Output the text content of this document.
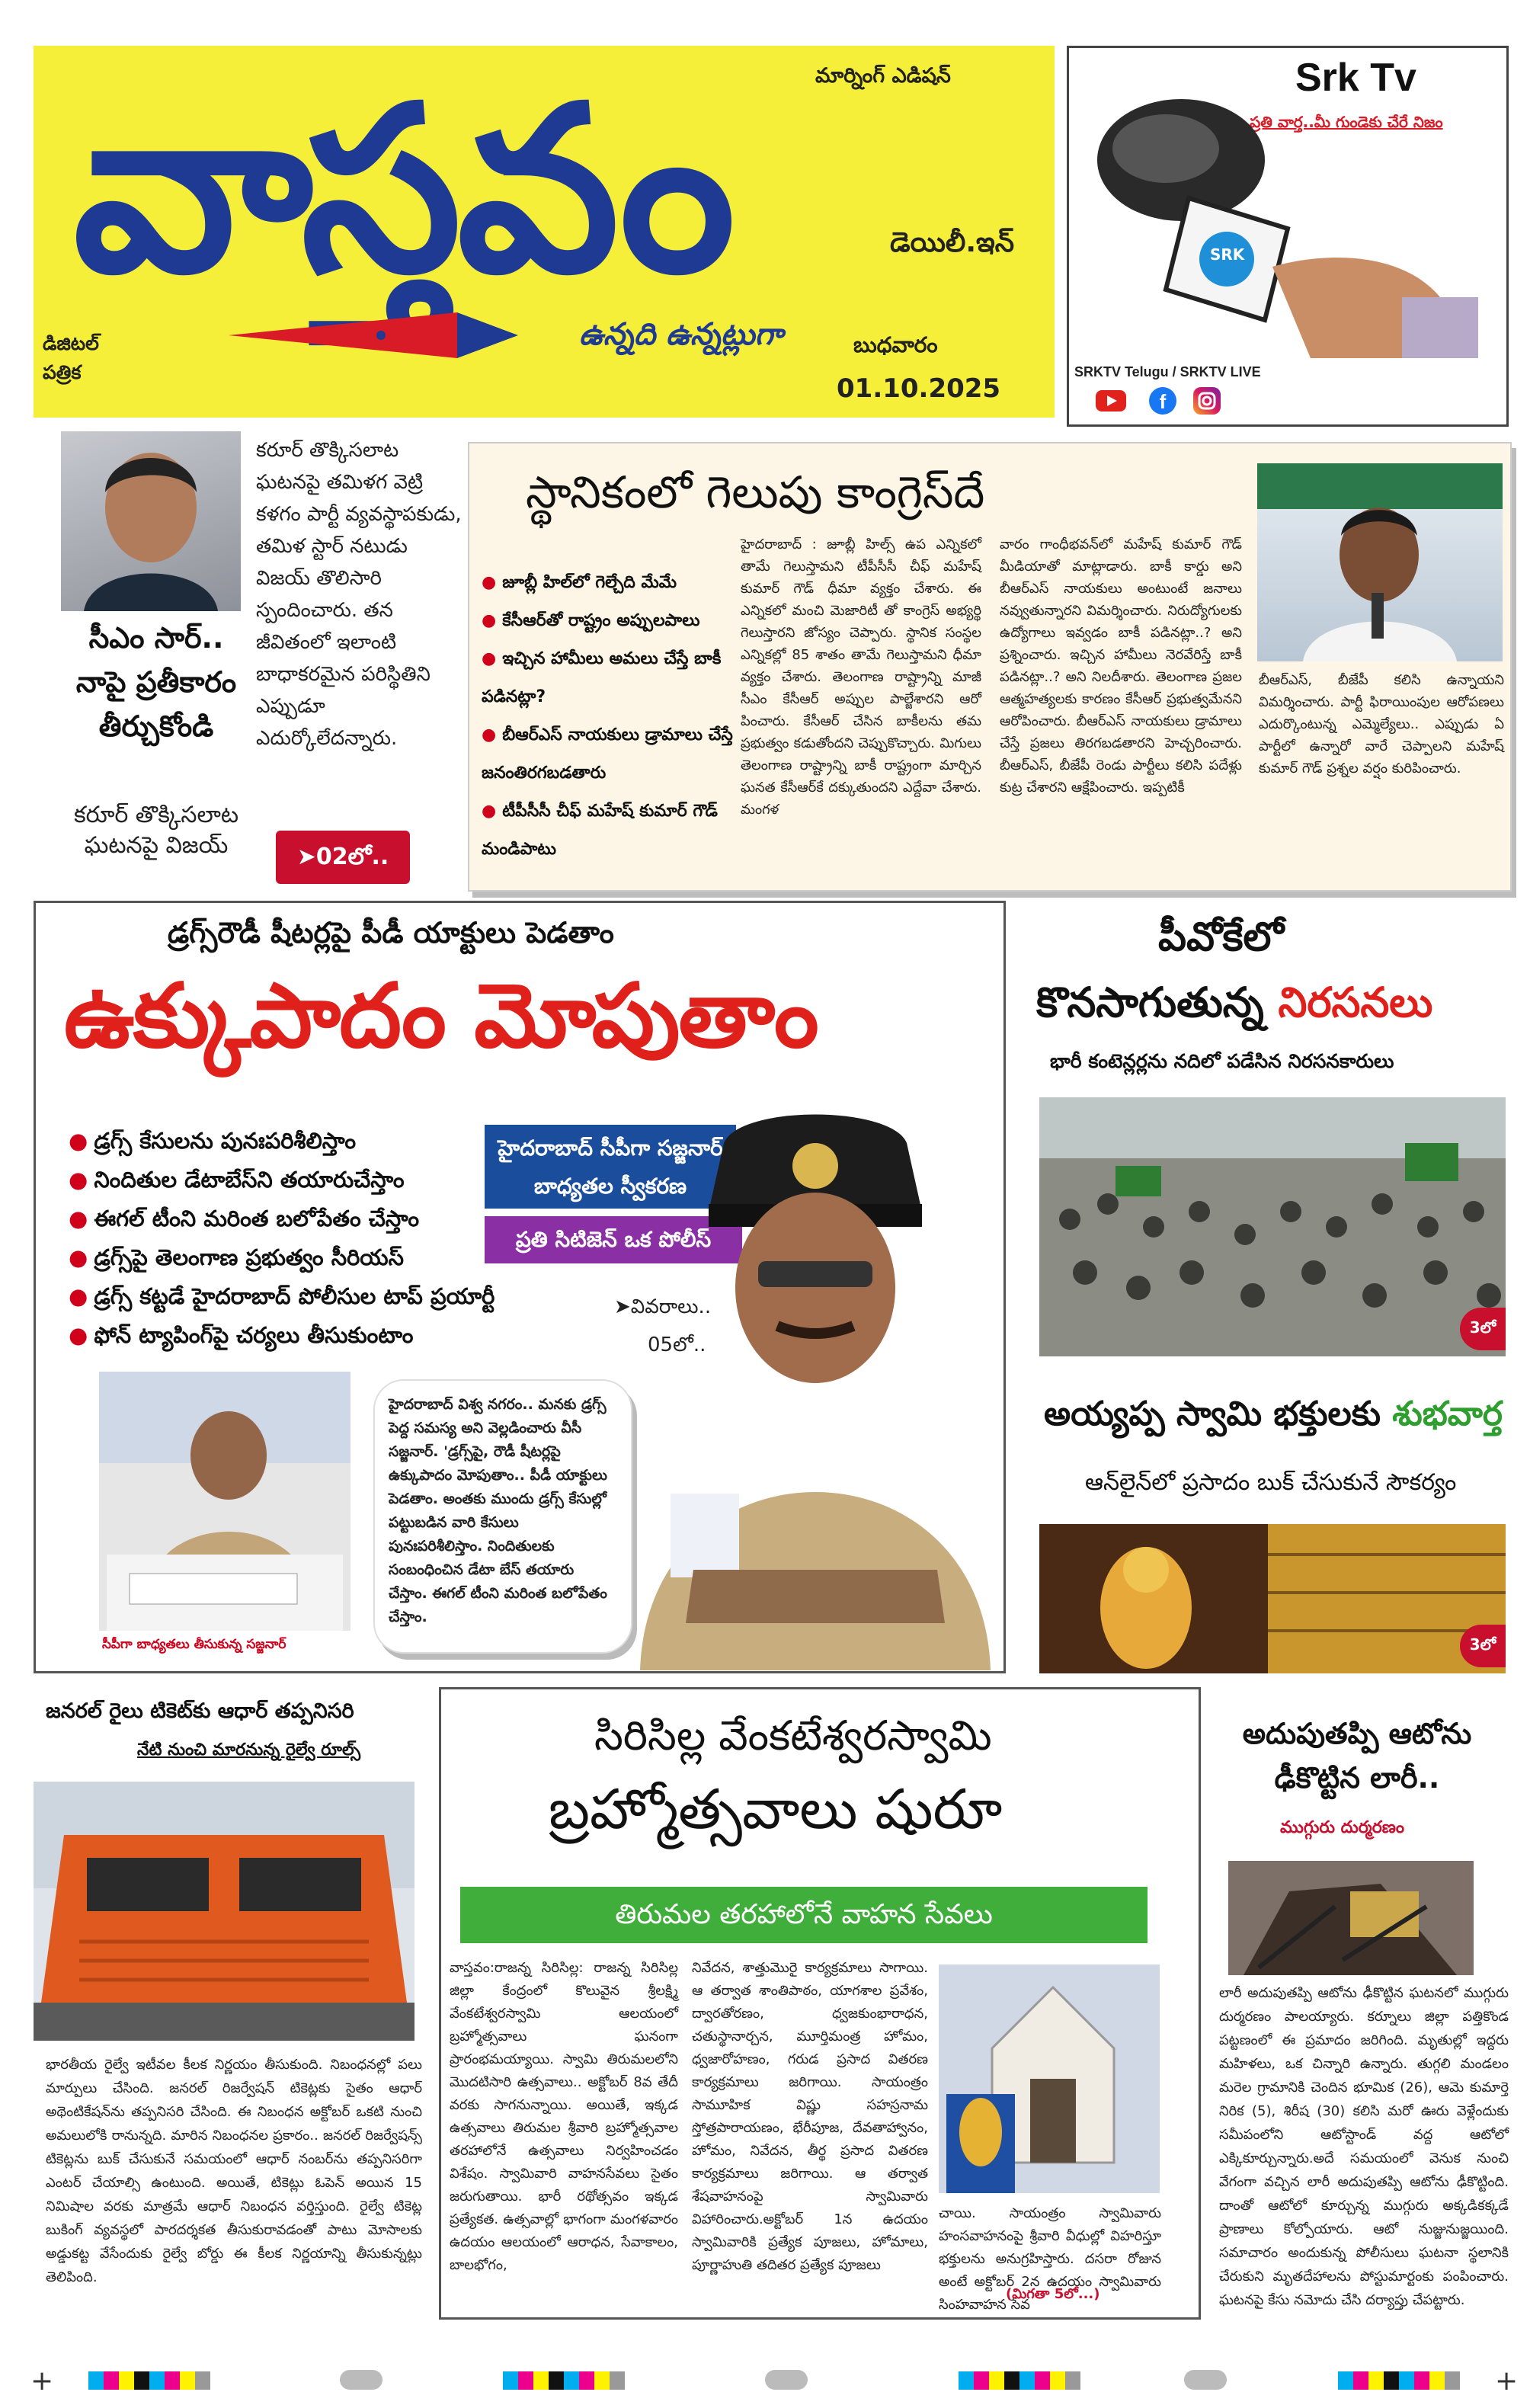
వాస్తవం	మార్నింగ్ ఎడిషన్
డెయిలీ.ఇన్
ఉన్నది ఉన్నట్లుగా
డిజిటల్ పత్రిక
బుధవారం
01.10.2025
Srk Tv
ప్రతి వార్త..మీ గుండెకు చేరే నిజం
SRK
SRKTV Telugu / SRKTV LIVE
f
కరూర్ తొక్కిసలాట ఘటనపై తమిళగ వెట్రి కళగం పార్టీ వ్యవస్థాపకుడు, తమిళ స్టార్ నటుడు విజయ్ తొలిసారి స్పందించారు. తన జీవితంలో ఇలాంటి బాధాకరమైన పరిస్థితిని ఎప్పుడూ ఎదుర్కోలేదన్నారు.
సీఎం సార్.. నాపై ప్రతీకారం తీర్చుకోండి
కరూర్ తొక్కిసలాట ఘటనపై విజయ్	➤02లో..
స్థానికంలో గెలుపు కాంగ్రెస్‌దే
● జూబ్లీ హిల్‌లో గెల్చేది మేమే
● కేసీఆర్‌తో రాష్ట్రం అప్పులపాలు
● ఇచ్చిన హామీలు అమలు చేస్తే బాకీ పడినట్లా?
● బీఆర్ఎస్ నాయకులు డ్రామాలు చేస్తే జనంతిరగబడతారు
● టీపీసీసీ చీఫ్ మహేష్ కుమార్ గౌడ్ మండిపాటు
హైదరాబాద్ : జూబ్లీ హిల్స్ ఉప ఎన్నికలో తామే గెలుస్తామని టీపీసీసీ చీఫ్ మహేష్ కుమార్ గౌడ్ ధీమా వ్యక్తం చేశారు. ఈ ఎన్నికలో మంచి మెజారిటీ తో కాంగ్రెస్ అభ్యర్థి గెలుస్తారని జోస్యం చెప్పారు. స్థానిక సంస్థల ఎన్నికల్లో 85 శాతం తామే గెలుస్తామని ధీమా వ్యక్తం చేశారు. తెలంగాణ రాష్ట్రాన్ని మాజీ సీఎం కేసీఆర్ అప్పుల పాల్జేశారని ఆరో పించారు. కేసీఆర్ చేసిన బాకీలను తమ ప్రభుత్వం కడుతోందని చెప్పుకొచ్చారు. మిగులు తెలంగాణ రాష్ట్రాన్ని బాకీ రాష్ట్రంగా మార్చిన ఘనత కేసీఆర్‌కే దక్కుతుందని ఎద్దేవా చేశారు. మంగళ
వారం గాంధీభవన్‌లో మహేష్ కుమార్ గౌడ్ మీడియాతో మాట్లాడారు. బాకీ కార్డు అని బీఆర్ఎస్ నాయకులు అంటుంటే జనాలు నవ్వుతున్నారని విమర్శించారు. నిరుద్యోగులకు ఉద్యోగాలు ఇవ్వడం బాకీ పడినట్లా..? అని ప్రశ్నించారు. ఇచ్చిన హామీలు నెరవేరిస్తే బాకీ పడినట్లా..? అని నిలదీశారు. తెలంగాణ ప్రజల ఆత్మహత్యలకు కారణం కేసీఆర్ ప్రభుత్వమేనని ఆరోపించారు. బీఆర్ఎస్ నాయకులు డ్రామాలు చేస్తే ప్రజలు తిరగబడతారని హెచ్చరించారు. బీఆర్ఎస్, బీజేపీ రెండు పార్టీలు కలిసి పదేళ్లు కుట్ర చేశారని ఆక్షేపించారు. ఇప్పటికీ
బీఆర్ఎస్, బీజేపీ కలిసి ఉన్నాయని విమర్శించారు. పార్టీ ఫిరాయింపుల ఆరోపణలు ఎదుర్కొంటున్న ఎమ్మెల్యేలు.. ఎప్పుడు ఏ పార్టీలో ఉన్నారో వారే చెప్పాలని మహేష్ కుమార్ గౌడ్ ప్రశ్నల వర్షం కురిపించారు.
డ్రగ్స్‌రౌడీ షీటర్లపై పీడీ యాక్టులు పెడతాం
ఉక్కుపాదం మోపుతాం
● డ్రగ్స్ కేసులను పునఃపరిశీలిస్తాం
● నిందితుల డేటాబేస్‌ని తయారుచేస్తాం
● ఈగల్ టీంని మరింత బలోపేతం చేస్తాం
● డ్రగ్స్‌పై తెలంగాణ ప్రభుత్వం సీరియస్
● డ్రగ్స్ కట్టడే హైదరాబాద్ పోలీసుల టాప్ ప్రయార్టీ
● ఫోన్ ట్యాపింగ్‌పై చర్యలు తీసుకుంటాం
హైదరాబాద్ సీపీగా సజ్జనార్ బాధ్యతల స్వీకరణ
ప్రతి సిటిజెన్ ఒక పోలీస్
➤వివరాలు..
05లో..
సీపీగా బాధ్యతలు తీసుకున్న సజ్జనార్
హైదరాబాద్ విశ్వ నగరం.. మనకు డ్రగ్స్ పెద్ద సమస్య అని వెల్లడించారు వీసీ సజ్జనార్. 'డ్రగ్స్‌పై, రౌడీ షీటర్లపై ఉక్కుపాదం మోపుతాం.. పీడీ యాక్టులు పెడతాం. అంతకు ముందు డ్రగ్స్ కేసుల్లో పట్టుబడిన వారి కేసులు పునఃపరిశీలిస్తాం. నిందితులకు సంబంధించిన డేటా బేస్ తయారు చేస్తాం. ఈగల్ టీంని మరింత బలోపేతం చేస్తాం.
పీవోకేలో
కొనసాగుతున్న నిరసనలు
భారీ కంటెన్లర్లను నదిలో పడేసిన నిరసనకారులు
3లో
అయ్యప్ప స్వామి భక్తులకు శుభవార్త
ఆన్‌లైన్‌లో ప్రసాదం బుక్ చేసుకునే సౌకర్యం
3లో
జనరల్ రైలు టికెట్‌కు ఆధార్ తప్పనిసరి
నేటి నుంచి మారనున్న రైల్వే రూల్స్
భారతీయ రైల్వే ఇటీవల కీలక నిర్ణయం తీసుకుంది. నిబంధనల్లో పలు మార్పులు చేసింది. జనరల్ రిజర్వేషన్ టికెట్లకు సైతం ఆధార్ అథెంటికేషన్‌ను తప్పనిసరి చేసింది. ఈ నిబంధన అక్టోబర్ ఒకటి నుంచి అమలులోకి రానున్నది. మారిన నిబంధనల ప్రకారం.. జనరల్ రిజర్వేషన్స్ టికెట్లను బుక్ చేసుకునే సమయంలో ఆధార్ నంబర్‌ను తప్పనిసరిగా ఎంటర్ చేయాల్సి ఉంటుంది. అయితే, టికెట్లు ఓపెన్ అయిన 15 నిమిషాల వరకు మాత్రమే ఆధార్ నిబంధన వర్తిస్తుంది. రైల్వే టికెట్ల బుకింగ్ వ్యవస్థలో పారదర్శకత తీసుకురావడంతో పాటు మోసాలకు అడ్డుకట్ట వేసేందుకు రైల్వే బోర్డు ఈ కీలక నిర్ణయాన్ని తీసుకున్నట్లు తెలిపింది.
సిరిసిల్ల వేంకటేశ్వరస్వామి
బ్రహ్మోత్సవాలు షురూ
తిరుమల తరహాలోనే వాహన సేవలు
వాస్తవం:రాజన్న సిరిసిల్ల: రాజన్న సిరిసిల్ల జిల్లా కేంద్రంలో కొలువైన శ్రీలక్ష్మి వేంకటేశ్వరస్వామి ఆలయంలో బ్రహ్మోత్సవాలు ఘనంగా ప్రారంభమయ్యాయి. స్వామి తిరుమలలోని మొదటిసారి ఉత్సవాలు.. అక్టోబర్ 8వ తేదీ వరకు సాగనున్నాయి. అయితే, ఇక్కడ ఉత్సవాలు తిరుమల శ్రీవారి బ్రహ్మోత్సవాల తరహాలోనే ఉత్సవాలు నిర్వహించడం విశేషం. స్వామివారి వాహనసేవలు సైతం జరుగుతాయి. భారీ రథోత్సవం ఇక్కడ ప్రత్యేకత. ఉత్సవాల్లో భాగంగా మంగళవారం ఉదయం ఆలయంలో ఆరాధన, సేవాకాలం, బాలభోగం,
నివేదన, శాత్తుమొరై కార్యక్రమాలు సాగాయి. ఆ తర్వాత శాంతిపాఠం, యాగశాల ప్రవేశం, ద్వారతోరణం, ధ్వజకుంభారాధన, చతుస్థానార్చన, మూర్తిమంత్ర హోమం, ధ్వజారోహణం, గరుడ ప్రసాద వితరణ కార్యక్రమాలు జరిగాయి. సాయంత్రం సామూహిక విష్ణు సహస్రనామ స్తోత్రపారాయణం, భేరీపూజ, దేవతాహ్వానం, హోమం, నివేదన, తీర్థ ప్రసాద వితరణ కార్యక్రమాలు జరిగాయి. ఆ తర్వాత శేషవాహనంపై స్వామివారు విహారించారు.అక్టోబర్ 1న ఉదయం స్వామివారికి ప్రత్యేక పూజలు, హోమాలు, పూర్ణాహుతి తదితర ప్రత్యేక పూజలు
చాయి. సాయంత్రం స్వామివారు హంసవాహనంపై శ్రీవారి వీధుల్లో విహరిస్తూ భక్తులను అనుగ్రహిస్తారు. దసరా రోజున అంటే అక్టోబర్ 2న ఉదయం స్వామివారు సింహవాహన సేవ
(మిగతా 5లో...)
అదుపుతప్పి ఆటోను ఢీకొట్టిన లారీ..
ముగ్గురు దుర్మరణం
లారీ అదుపుతప్పి ఆటోను ఢీకొట్టిన ఘటనలో ముగ్గురు దుర్మరణం పాలయ్యారు. కర్నూలు జిల్లా పత్తికొండ పట్టణంలో ఈ ప్రమాదం జరిగింది. మృతుల్లో ఇద్దరు మహిళలు, ఒక చిన్నారి ఉన్నారు. తుగ్గలి మండలం మరెల గ్రామానికి చెందిన భూమిక (26), ఆమె కుమార్తె నిరిక (5), శిరీష (30) కలిసి మరో ఊరు వెళ్లేందుకు సమీపంలోని ఆటోస్టాండ్ వద్ద ఆటోలో ఎక్కికూర్చున్నారు.అదే సమయంలో వెనుక నుంచి వేగంగా వచ్చిన లారీ అదుపుతప్పి ఆటోను ఢీకొట్టింది. దాంతో ఆటోలో కూర్చున్న ముగ్గురు అక్కడికక్కడే ప్రాణాలు కోల్పోయారు. ఆటో నుజ్జునుజ్జయింది. సమాచారం అందుకున్న పోలీసులు ఘటనా స్థలానికి చేరుకుని మృతదేహాలను పోస్టుమార్టంకు పంపించారు. ఘటనపై కేసు నమోదు చేసి దర్యాప్తు చేపట్టారు.
+	+
